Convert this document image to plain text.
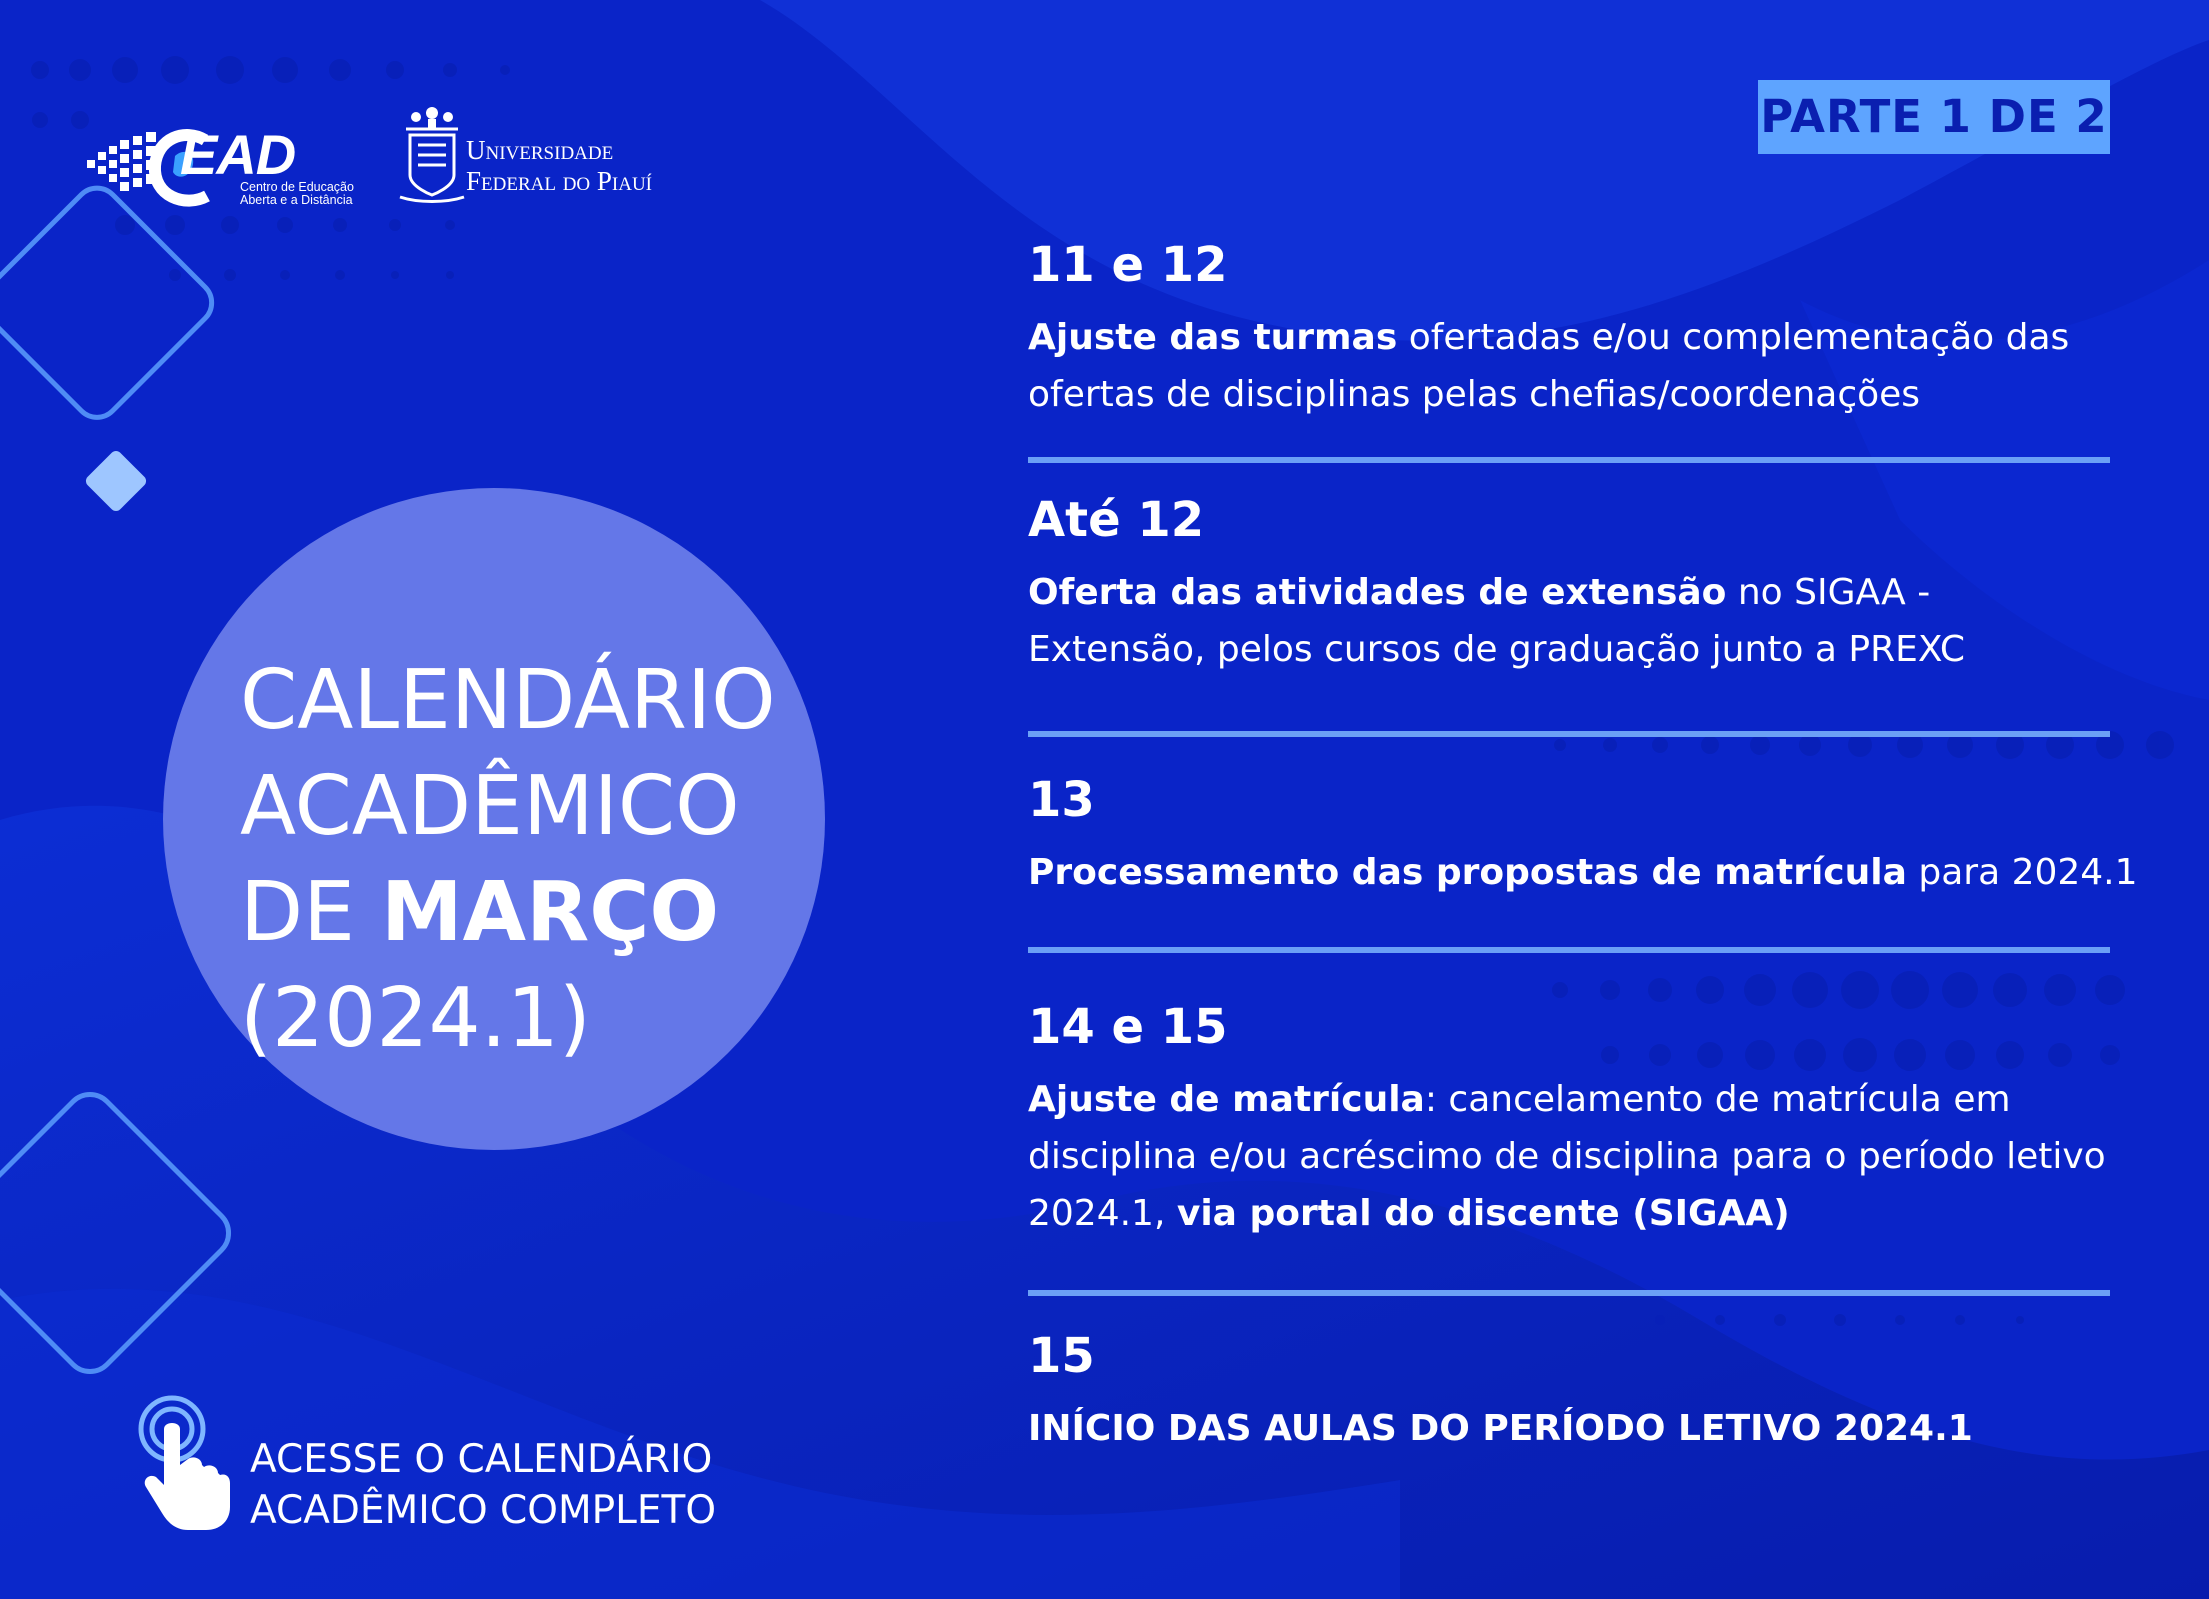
EAD
Centro de Educação
Aberta e a Distância
Universidade
Federal do Piauí
PARTE 1 DE 2
CALENDÁRIO
ACADÊMICO
DE MARÇO
(2024.1)
11 e 12
Ajuste das turmas ofertadas e/ou complementação das ofertas de disciplinas pelas chefias/coordenações
Até 12
Oferta das atividades de extensão no SIGAA - Extensão, pelos cursos de graduação junto a PREXC
13
Processamento das propostas de matrícula para 2024.1
14 e 15
Ajuste de matrícula: cancelamento de matrícula em disciplina e/ou acréscimo de disciplina para o período letivo 2024.1, via portal do discente (SIGAA)
15
INÍCIO DAS AULAS DO PERÍODO LETIVO 2024.1
ACESSE O CALENDÁRIO
ACADÊMICO COMPLETO
